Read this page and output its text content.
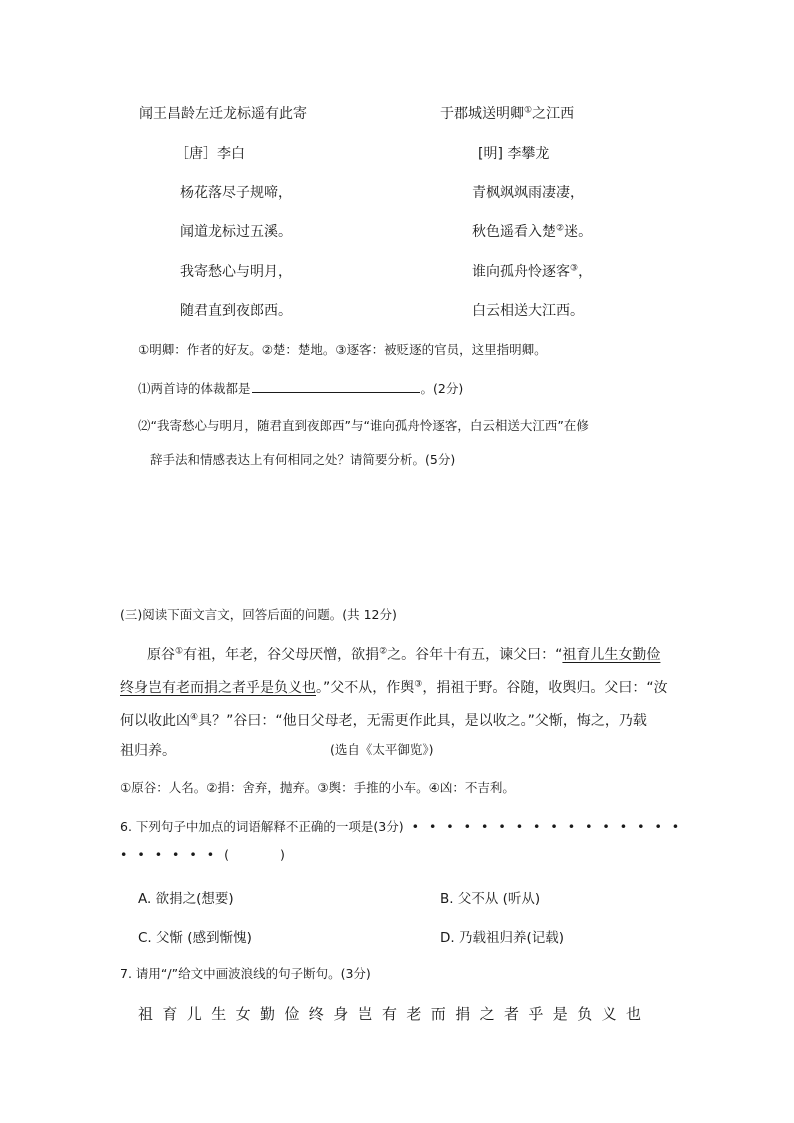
闻王昌龄左迁龙标遥有此寄
［唐］李白
杨花落尽子规啼，
闻道龙标过五溪。
我寄愁心与明月，
随君直到夜郎西。
于郡城送明卿①之江西
[明] 李攀龙
青枫飒飒雨凄凄，
秋色遥看入楚②迷。
谁向孤舟怜逐客③，
白云相送大江西。
①明卿：作者的好友。②楚：楚地。③逐客：被贬逐的官员，这里指明卿。
⑴两首诗的体裁都是	。(2分)
⑵“我寄愁心与明月，随君直到夜郎西”与“谁向孤舟怜逐客，白云相送大江西”在修
辞手法和情感表达上有何相同之处？请简要分析。(5分)
(三)阅读下面文言文，回答后面的问题。(共 12分)
原谷①有祖，年老，谷父母厌憎，欲捐②之。谷年十有五，谏父曰：“祖育儿生女勤俭
终身岂有老而捐之者乎是负义也。”父不从，作舆③，捐祖于野。谷随，收舆归。父曰：“汝
何以收此凶④具？”谷曰：“他日父母老，无需更作此具，是以收之。”父惭，悔之，乃载
祖归养。	(选自《太平御览》)
①原谷：人名。②捐：舍弃，抛弃。③舆：手推的小车。④凶：不吉利。
6. 下列句子中加点的词语解释不正确的一项是(3分) • • • • • • • • • • • • • • • •
• • • • • • (	)
A. 欲捐之(想要)	B. 父不从 (听从)
C. 父惭 (感到惭愧)	D. 乃载祖归养(记载)
7. 请用“/”给文中画波浪线的句子断句。(3分)
祖育儿生女勤俭终身岂有老而捐之者乎是负义也
